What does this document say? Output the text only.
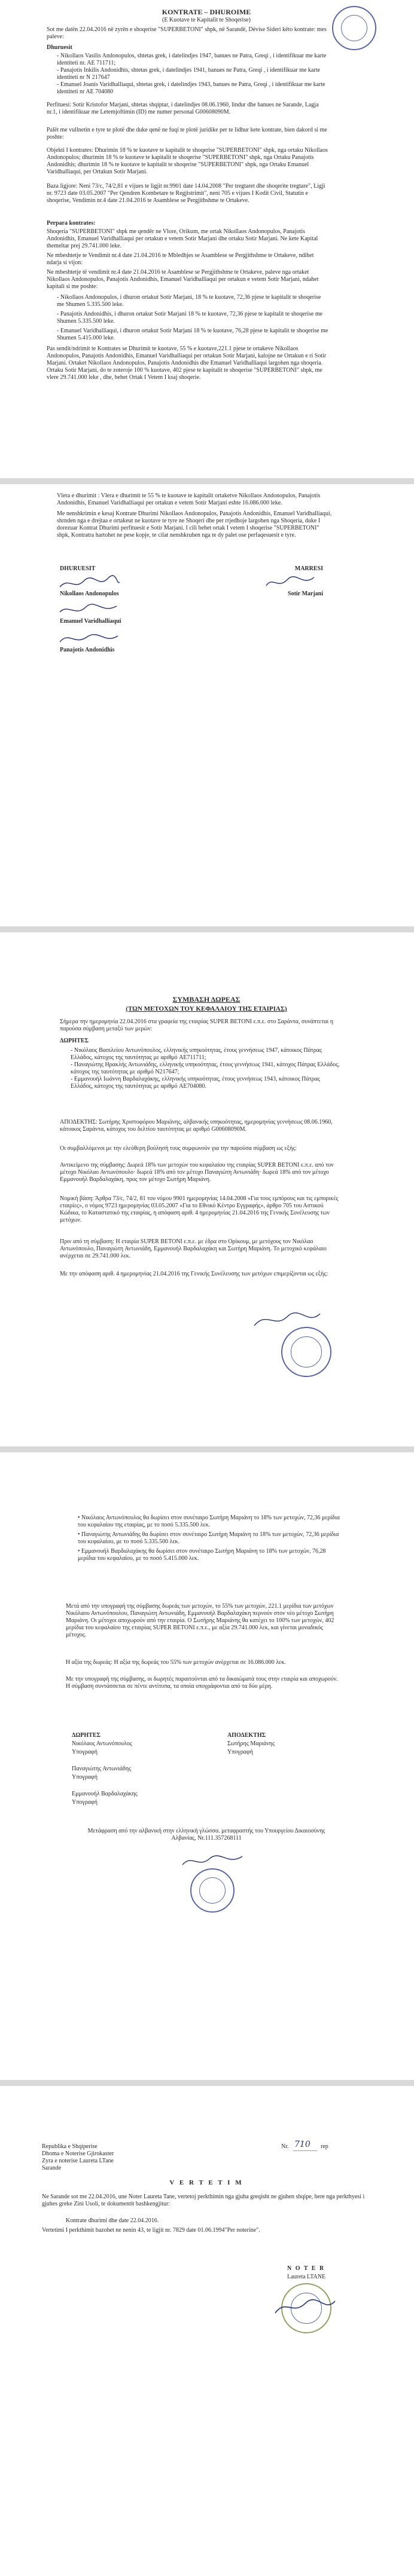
KONTRATE – DHUROIME
(E Kuotave te Kapitalit te Shoqerise)
Sot me datën 22.04.2016 në zyrën e shoqerise "SUPERBETONI" shpk, në Sarandë, Dëvise Sideri këto kontrate: mes paleve:
Dhuruesit
- Nikollaos Vasilis Andonopulos, shtetas grek, i datelindjes 1947, banues ne Patra, Greqi , i identifikuar me karte identiteti nr. AE 711711;
- Panajotis Inkilis Andonidhis, shtetas grek, i datelindjes 1941, banues ne Patra, Greqi , i identifikuar me karte identiteti nr N 217647
- Emanuel Joanis Varidhalliaqui, shtetas grek, i datelindjes 1943, banues ne Patra, Greqi , i identifikuar me karte identiteti nr AE 704080
Perfituesi: Sotir Kristofor Marjani, shtetas shqiptar, i datelindjes 08.06.1960, lindur dhe banues ne Sarande, Lagja nr.1, i identifikuar me Letemjoftimin (ID) me numer personal G00608090M.
Palët me vullnetin e tyre te plotë dhe duke qenë ne fuqi te plotë juridike per te lidhur kete kontrate, bien dakord si me poshte:
Objekti I kontrates: Dhurimin 18 % te kuotave te kapitalit te shoqerise "SUPERBETONI" shpk, nga ortaku Nikollaos Andonopulos; dhurimin 18 % te kuotave te kapitalit te shoqerise "SUPERBETONI" shpk, nga Ortaku Panajotis Andonidhis; dhurimin 18 % te kuotave te kapitalit te shoqerise "SUPERBETONI" shpk, nga Ortaku Emanuel Varidhalliaqui, per Ortakun Sotir Marjani.
Baza ligjore: Neni 73/c, 74/2,81 e vijues te ligjit nr.9901 date 14.04.2008 "Per tregtaret dhe shoqerite tregtare", Ligji nr. 9723 date 03.05.2007 "Per Qendren Kombetare te Regjistrimit", neni 705 e vijues I Kodit Civil, Statutin e shoqerise, Vendimin nr.4 date 21.04.2016 te Asamblese se Pergjithshme te Ortakeve.
Perpara kontrates:
Shoqeria "SUPERBETONI" shpk me qendër ne Vlore, Orikum, me ortak Nikollaos Andonopulos, Panajotis Andonidhis, Emanuel Varidhalliaqui per ortakun e vetem Sotir Marjani dhe ortaku Sotir Marjani. Ne kete Kapital themeltar prej 29.741.000 leke.
Ne mbeshtetje te Vendimit nr.4 date 21.04.2016 te Mbledhjes se Asamblese se Pergjithshme te Ortakeve, ndihet ndarja si vijon:
Ne mbeshtetje të vendimit nr.4 date 21.04.2016 te Asamblese se Pergjithshme te Ortakeve, paleve nga ortaket Nikollaos Andonopulos, Panajotis Andonidhis, Emanuel Varidhalliaqui per ortakun e vetem Sotir Marjani, ndahet kapitali si me poshte:
- Nikollaos Andonopulos, i dhuron ortakut Sotir Marjani, 18 % te kuotave, 72,36 pjese te kapitalit te shoqerise me Shumen 5.335.500 leke.
- Panajotis Andonidhis, i dhuron ortakut Sotir Marjani 18 % te kuotave, 72,36 pjese te kapitalit te shoqerise me Shumen 5.335.500 leke.
- Emanuel Varidhalliaqui, i dhuron ortakut Sotir Marjani 18 % te kuotave, 76,28 pjese te kapitalit te shoqerise me Shumen 5.415.000 leke.
Pas sendit/ndrimit te Kontrates se Dhurimit te kuotave, 55 % e kuotave,221.1 pjese te ortakeve Nikollaos Andonopulos, Panajotis Andonidhis, Emanuel Varidhalliaqui per ortakun Sotir Marjani, kalojne ne Ortakun e ri Sotir Marjani. Ortaket Nikollaos Andonopulos, Panajotis Andonidhis dhe Emanuel Varidhalliaqui largohen nga shoqeria. Ortaku Sotir Marjani, do te zoteroje 100 % kuotave, 402 pjese te kapitalit te shoqerise "SUPERBETONI" shpk, me vlere 29.741.000 leke , dhe, behet Ortak I Vetem I ksaj shoqerie.
Vlera e dhurimit : Vlera e dhurimit te 55 % te kuotave te kapitalit ortaketve Nikollaos Andonopulos, Panajotis Andonidhis, Emanuel Varidhalliaqui per ortakun e vetem Sotir Marjani eshte 16.086.000 leke.
Me nenshkrimin e kesaj Kontrate Dhurimi Nikollaos Andonopulos, Panajotis Andonidhis, Emanuel Varidhalliaqui, shrnden nga e drejtaa e ortakeut ne kuotave te tyre ne Shoqeri dhe per rrjedhoje largohen nga Shoqeria, duke I dorezuar Kontrat Dhurimi perfituesit e Sotir Marjani. I cili behet ortak I vetem I shoqerise "SUPERBETONI" shpk, Kontratra hartohet ne pese kopje, te cilat nenshkruhen nga te dy palet ose perfaqesuesit e tyre.
DHURUESIT	MARRESI
Nikollaos Andonopulos	Sotir Marjani
Emanuel Varidhalliaqui
Panajotis Andonidhis
ΣΥΜΒΑΣΗ ΔΩΡΕΑΣ
(ΤΩΝ ΜΕΤΟΧΩΝ ΤΟΥ ΚΕΦΑΛΑΙΟΥ ΤΗΣ ΕΤΑΙΡΙΑΣ)
Σήμερα την ημερομηνία 22.04.2016 στα γραφεία της εταιρίας SUPER BETONI ε.π.ε. στο Σαράντα, συνάπτεται η παρούσα σύμβαση μεταξύ των μερών:
ΔΩΡΗΤΕΣ
- Νικόλαος Βασιλείου Αντωνόπουλος, ελληνικής υπηκοότητας, έτους γεννήσεως 1947, κάτοικος Πάτρας Ελλάδος, κάτοχος της ταυτότητας με αριθμό AE711711;
- Παναγιώτης Ηρακλής Αντωνιάδης, ελληνικής υπηκοότητας, έτους γεννήσεως 1941, κάτοχος Πάτρας Ελλάδος, κάτοχος της ταυτότητας με αριθμό N217647;
- Εμμανουήλ Ιωάννη Βαρδαλαχάκης, ελληνικής υπηκοότητας, έτους γεννήσεως 1943, κάτοικος Πάτρας Ελλάδος, κάτοχος της ταυτότητας με αριθμό AE704080.
ΑΠΟΔΕΚΤΗΣ: Σωτήρης Χριστοφόρου Μαριάνης, αλβανικής υπηκοότητας, ημερομηνίας γεννήσεως 08.06.1960, κάτοικος Σαράντα, κάτοχος του δελτίου ταυτότητας με αριθμό G00608090M.
Οι συμβαλλόμενοι με την ελεύθερη βούλησή τους συμφωνούν για την παρούσα σύμβαση ως εξής:
Αντικείμενο της σύμβασης: Δωρεά 18% των μετοχών του κεφαλαίου της εταιρίας SUPER BETONI ε.π.ε. από τον μέτοχο Νικόλαο Αντωνόπουλο· δωρεά 18% από τον μέτοχο Παναγιώτη Αντωνιάδη· δωρεά 18% από τον μέτοχο Εμμανουήλ Βαρδαλαχάκη, προς τον μέτοχο Σωτήρη Μαριάνη.
Νομική βάση: Άρθρα 73/c, 74/2, 81 του νόμου 9901 ημερομηνίας 14.04.2008 «Για τους εμπόρους και τις εμπορικές εταιρίες», ο νόμος 9723 ημερομηνίας 03.05.2007 «Για το Εθνικό Κέντρο Εγγραφής», άρθρο 705 του Αστικού Κώδικα, το Καταστατικό της εταιρίας, η απόφαση αριθ. 4 ημερομηνίας 21.04.2016 της Γενικής Συνέλευσης των μετόχων.
Πριν από τη σύμβαση: Η εταιρία SUPER BETONI ε.π.ε. με έδρα στο Ορίκουμ, με μετόχους τον Νικόλαο Αντωνόπουλο, Παναγιώτη Αντωνιάδη, Εμμανουήλ Βαρδαλαχάκη και Σωτήρη Μαριάνη. Το μετοχικό κεφάλαιο ανέρχεται σε 29.741.000 λεκ.
Με την απόφαση αριθ. 4 ημερομηνίας 21.04.2016 της Γενικής Συνέλευσης των μετόχων επιμερίζονται ως εξής:
• Νικόλαος Αντωνόπουλος θα δωρίσει στον συνέταιρο Σωτήρη Μαριάνη το 18% των μετοχών, 72,36 μερίδια του κεφαλαίου της εταιρίας, με το ποσό 5.335.500 λεκ.
• Παναγιώτης Αντωνιάδης θα δωρίσει στον συνέταιρο Σωτήρη Μαριάνη το 18% των μετοχών, 72,36 μερίδια του κεφαλαίου, με το ποσό 5.335.500 λεκ.
• Εμμανουήλ Βαρδαλαχάκης θα δωρίσει στον συνέταιρο Σωτήρη Μαριάνη το 18% των μετοχών, 76,28 μερίδια του κεφαλαίου, με το ποσό 5.415.000 λεκ.
Μετά από την υπογραφή της σύμβασης δωρεάς των μετοχών, το 55% των μετοχών, 221.1 μερίδια των μετόχων Νικόλαου Αντωνόπουλου, Παναγιώτη Αντωνιάδη, Εμμανουήλ Βαρδαλαχάκη περνούν στον νέο μέτοχο Σωτήρη Μαριάνη. Οι μέτοχοι αποχωρούν από την εταιρία. Ο Σωτήρης Μαριάνης θα κατέχει το 100% των μετοχών, 402 μερίδια του κεφαλαίου της εταιρίας SUPER BETONI ε.π.ε., με αξία 29.741.000 λεκ, και γίνεται μοναδικός μέτοχος.
Η αξία της δωρεάς: Η αξία της δωρεάς του 55% των μετοχών ανέρχεται σε 16.086.000 λεκ.
Με την υπογραφή της σύμβασης, οι δωρητές παραιτούνται από τα δικαιώματά τους στην εταιρία και αποχωρούν. Η σύμβαση συντάσσεται σε πέντε αντίτυπα, τα οποία υπογράφονται από τα δύο μέρη.
ΔΩΡΗΤΕΣ	ΑΠΟΔΕΚΤΗΣ
Σωτήρης Μαριάνης
Υπογραφή
Νικόλαος Αντωνόπουλος
Υπογραφή
Παναγιώτης Αντωνιάδης
Υπογραφή
Εμμανουήλ Βαρδαλαχάκης
Υπογραφή
Μετάφραση από την αλβανική στην ελληνική γλώσσα. μεταφραστής του Υπουργείου Δικαιοσύνης Αλβανίας, Nr.111.357268111
Republika e Shqiperise
Dhoma e Noterise Gjirokaster
Zyra e noterise Laureta LTane
Sarande
Nr. 710	rep
V E R T E T I M
Ne Sarande sot me 22.04.2016, une Noter Laureta Tane, vertetoj perkthimin nga gjuha greqisht ne gjuhen shqipe, bere nga perkthyesi i gjuhes greke Zini Usoli, te dokumentit bashkengjitur:
Kontrate dhurimi dhe date 22.04.2016.
Vertetimi I perkthimit bazohet ne nenin 43, te ligjit nr. 7829 date 01.06.1994"Per noterine".
N O T E R
Laureta LTANE
